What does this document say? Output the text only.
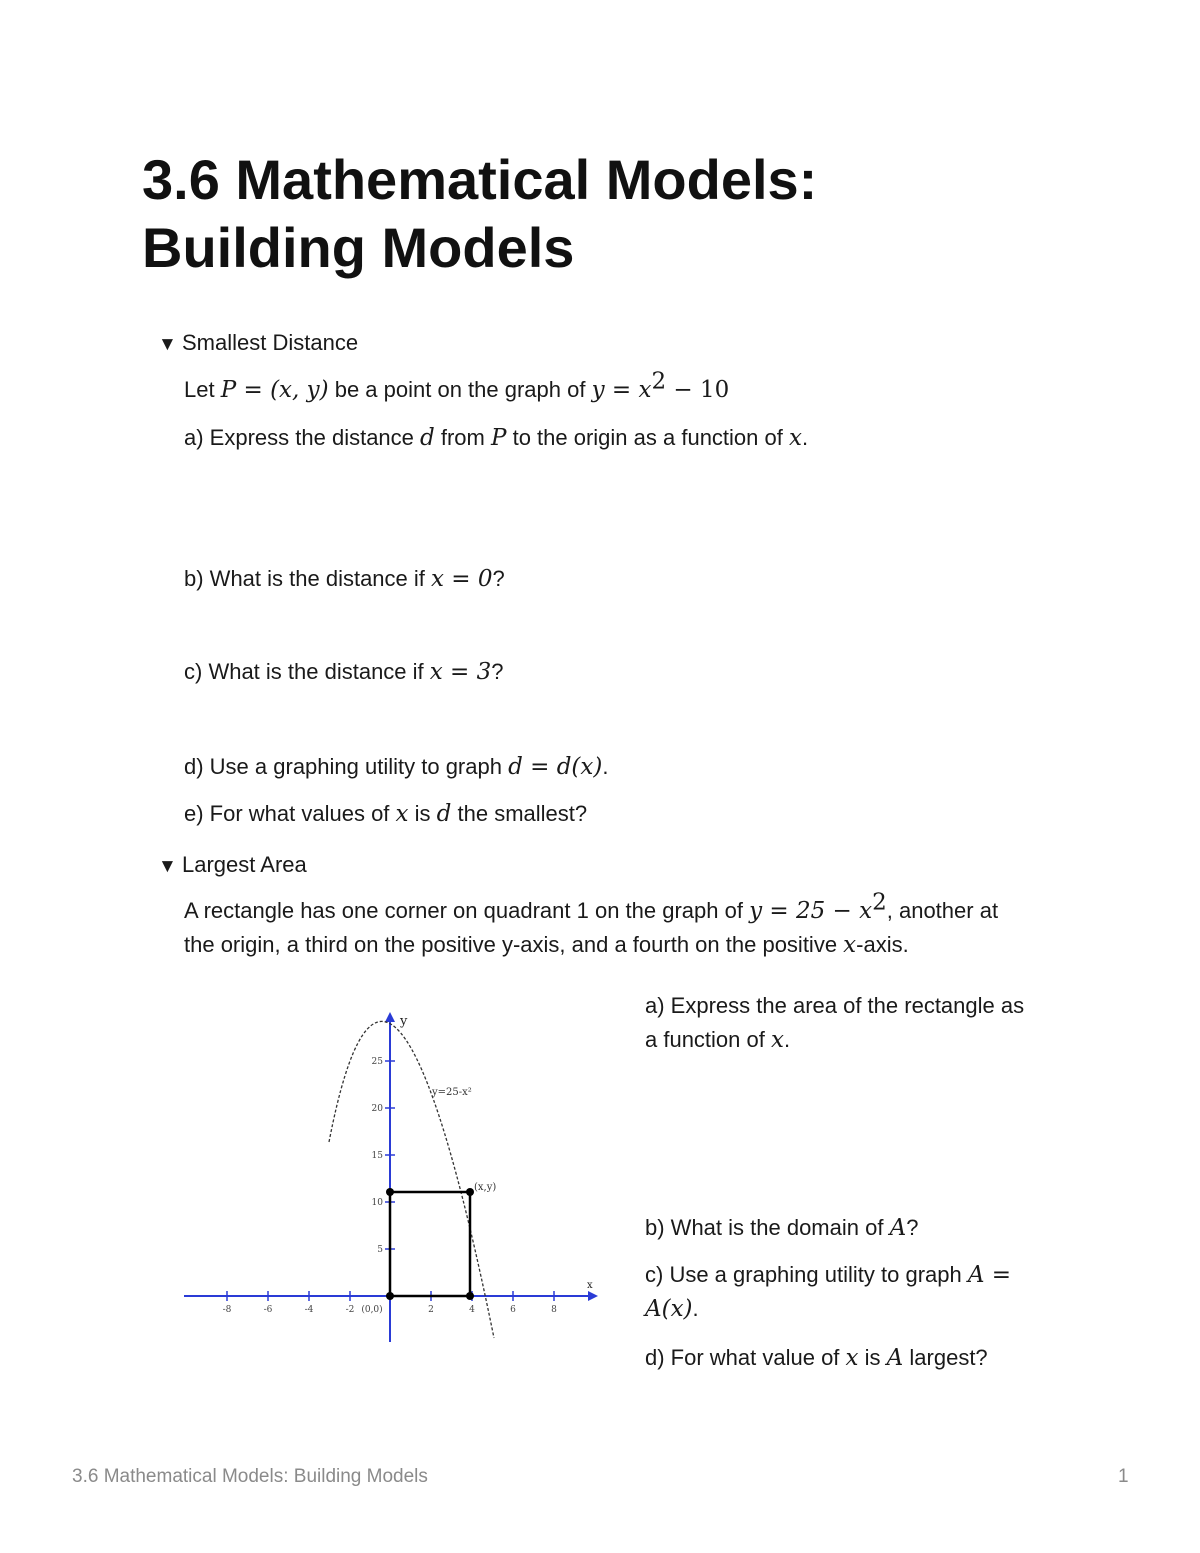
3.6 Mathematical Models:
Building Models
▼ Smallest Distance

Let P = (x, y) be a point on the graph of $y = x^2 - 10$

a) Express the distance d from P to the origin as a function of x.

b) What is the distance if x = 0?

c) What is the distance if x = 3?

d) Use a graphing utility to graph d = d(x).

e) For what values of x is d the smallest?

▼ Largest Area

A rectangle has one corner on quadrant 1 on the graph of $y = 25 - x^2$, another at
the origin, a third on the positive y-axis, and a fourth on the positive x-axis.

y
x
-8	-6	-4	-2	2	4	6	8
(0,0)
5
10
15
20
25
y=25-x²
(x,y)

a) Express the area of the rectangle as
a function of x.

b) What is the domain of A?

c) Use a graphing utility to graph A =
A(x).

d) For what value of x is A largest?

3.6 Mathematical Models: Building Models	1
